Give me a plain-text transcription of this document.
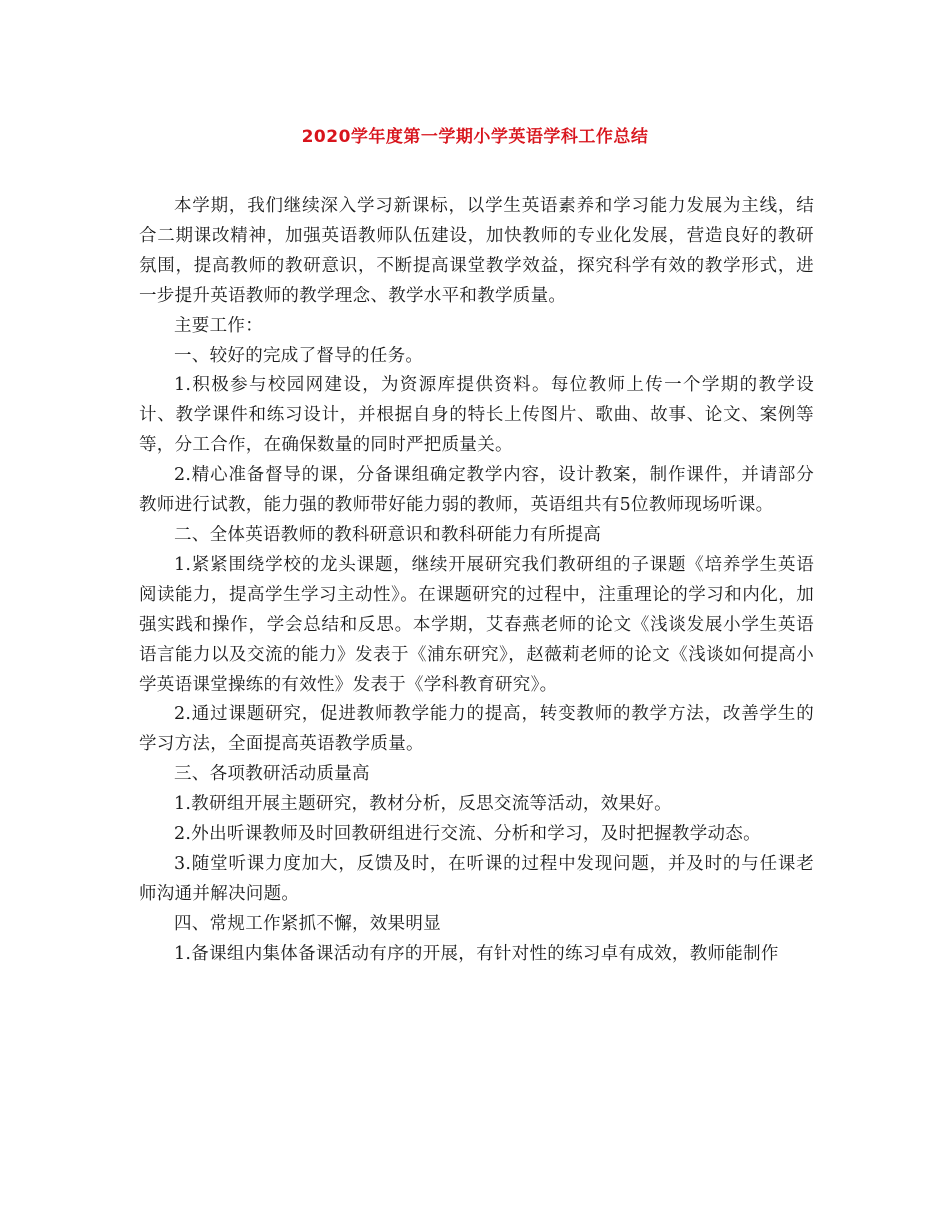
2020学年度第一学期小学英语学科工作总结

本学期，我们继续深入学习新课标，以学生英语素养和学习能力发展为主线，结合二期课改精神，加强英语教师队伍建设，加快教师的专业化发展，营造良好的教研氛围，提高教师的教研意识，不断提高课堂教学效益，探究科学有效的教学形式，进一步提升英语教师的教学理念、教学水平和教学质量。

主要工作：

一、较好的完成了督导的任务。

1.积极参与校园网建设，为资源库提供资料。每位教师上传一个学期的教学设计、教学课件和练习设计，并根据自身的特长上传图片、歌曲、故事、论文、案例等等，分工合作，在确保数量的同时严把质量关。

2.精心准备督导的课，分备课组确定教学内容，设计教案，制作课件，并请部分教师进行试教，能力强的教师带好能力弱的教师，英语组共有5位教师现场听课。

二、全体英语教师的教科研意识和教科研能力有所提高

1.紧紧围绕学校的龙头课题，继续开展研究我们教研组的子课题《培养学生英语阅读能力，提高学生学习主动性》。在课题研究的过程中，注重理论的学习和内化，加强实践和操作，学会总结和反思。本学期，艾春燕老师的论文《浅谈发展小学生英语语言能力以及交流的能力》发表于《浦东研究》，赵薇莉老师的论文《浅谈如何提高小学英语课堂操练的有效性》发表于《学科教育研究》。

2.通过课题研究，促进教师教学能力的提高，转变教师的教学方法，改善学生的学习方法，全面提高英语教学质量。

三、各项教研活动质量高

1.教研组开展主题研究，教材分析，反思交流等活动，效果好。

2.外出听课教师及时回教研组进行交流、分析和学习，及时把握教学动态。

3.随堂听课力度加大，反馈及时，在听课的过程中发现问题，并及时的与任课老师沟通并解决问题。

四、常规工作紧抓不懈，效果明显

1.备课组内集体备课活动有序的开展，有针对性的练习卓有成效，教师能制作
